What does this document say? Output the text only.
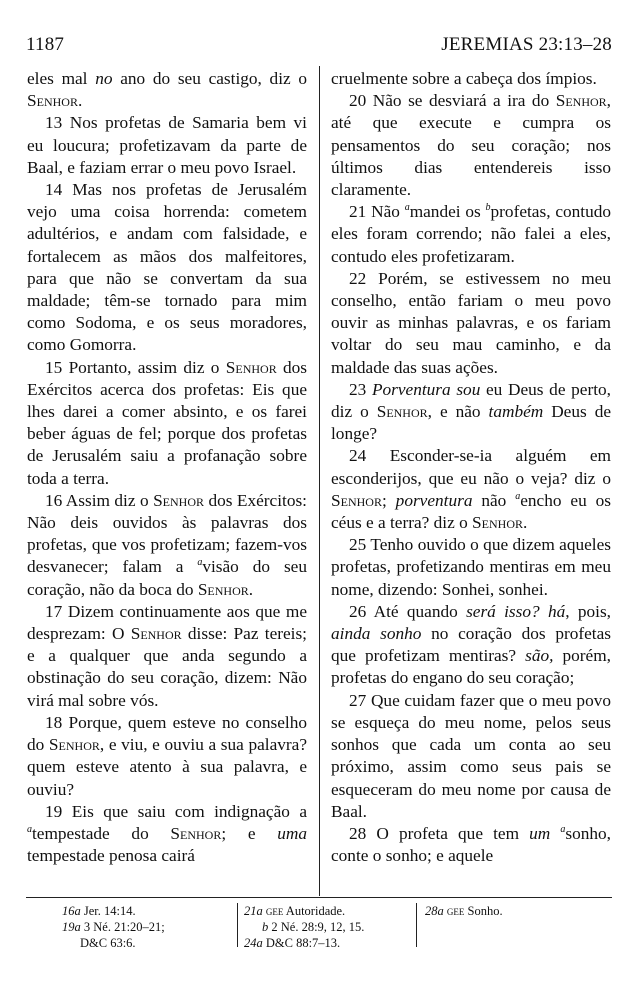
1187	JEREMIAS 23:13–28

eles mal no ano do seu castigo, diz o Senhor.

13 Nos profetas de Samaria bem vi eu loucura; profetizavam da parte de Baal, e faziam errar o meu povo Israel.

14 Mas nos profetas de Jerusalém vejo uma coisa horrenda: cometem adultérios, e andam com falsidade, e fortalecem as mãos dos malfeitores, para que não se convertam da sua maldade; têm-se tornado para mim como Sodoma, e os seus moradores, como Gomorra.

15 Portanto, assim diz o Senhor dos Exércitos acerca dos profetas: Eis que lhes darei a comer absinto, e os farei beber águas de fel; porque dos profetas de Jerusalém saiu a profanação sobre toda a terra.

16 Assim diz o Senhor dos Exércitos: Não deis ouvidos às palavras dos profetas, que vos profetizam; fazem-vos desvanecer; falam a $^a$visão do seu coração, não da boca do Senhor.

17 Dizem continuamente aos que me desprezam: O Senhor disse: Paz tereis; e a qualquer que anda segundo a obstinação do seu coração, dizem: Não virá mal sobre vós.

18 Porque, quem esteve no conselho do Senhor, e viu, e ouviu a sua palavra? quem esteve atento à sua palavra, e ouviu?

19 Eis que saiu com indignação a $^a$tempestade do Senhor; e uma tempestade penosa cairá

cruelmente sobre a cabeça dos ímpios.

20 Não se desviará a ira do Senhor, até que execute e cumpra os pensamentos do seu coração; nos últimos dias entendereis isso claramente.

21 Não $^a$mandei os $^b$profetas, contudo eles foram correndo; não falei a eles, contudo eles profetizaram.

22 Porém, se estivessem no meu conselho, então fariam o meu povo ouvir as minhas palavras, e os fariam voltar do seu mau caminho, e da maldade das suas ações.

23 Porventura sou eu Deus de perto, diz o Senhor, e não também Deus de longe?

24 Esconder-se-ia alguém em esconderijos, que eu não o veja? diz o Senhor; porventura não $^a$encho eu os céus e a terra? diz o Senhor.

25 Tenho ouvido o que dizem aqueles profetas, profetizando mentiras em meu nome, dizendo: Sonhei, sonhei.

26 Até quando será isso? há, pois, ainda sonho no coração dos profetas que profetizam mentiras? são, porém, profetas do engano do seu coração;

27 Que cuidam fazer que o meu povo se esqueça do meu nome, pelos seus sonhos que cada um conta ao seu próximo, assim como seus pais se esqueceram do meu nome por causa de Baal.

28 O profeta que tem um $^a$sonho, conte o sonho; e aquele

16a Jer. 14:14.
19a 3 Né. 21:20–21;
D&C 63:6.
21a gee Autoridade.
b 2 Né. 28:9, 12, 15.
24a D&C 88:7–13.
28a gee Sonho.
